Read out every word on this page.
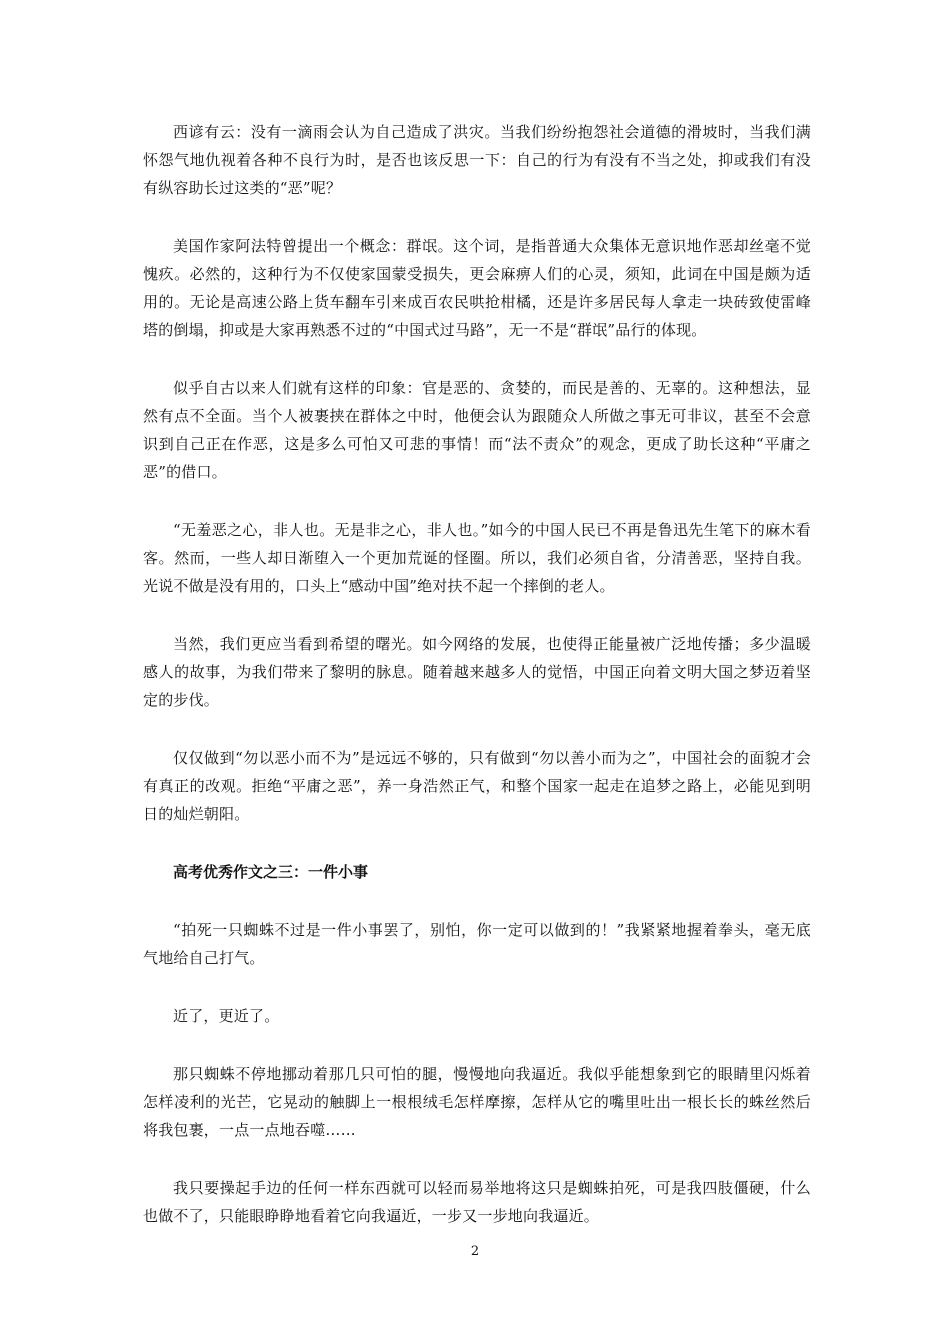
西谚有云：没有一滴雨会认为自己造成了洪灾。当我们纷纷抱怨社会道德的滑坡时，当我们满怀怨气地仇视着各种不良行为时，是否也该反思一下：自己的行为有没有不当之处，抑或我们有没有纵容助长过这类的“恶”呢？

美国作家阿法特曾提出一个概念：群氓。这个词，是指普通大众集体无意识地作恶却丝毫不觉愧疚。必然的，这种行为不仅使家国蒙受损失，更会麻痹人们的心灵，须知，此词在中国是颇为适用的。无论是高速公路上货车翻车引来成百农民哄抢柑橘，还是许多居民每人拿走一块砖致使雷峰塔的倒塌，抑或是大家再熟悉不过的“中国式过马路”，无一不是“群氓”品行的体现。

似乎自古以来人们就有这样的印象：官是恶的、贪婪的，而民是善的、无辜的。这种想法，显然有点不全面。当个人被裹挟在群体之中时，他便会认为跟随众人所做之事无可非议，甚至不会意识到自己正在作恶，这是多么可怕又可悲的事情！而“法不责众”的观念，更成了助长这种“平庸之恶”的借口。

“无羞恶之心，非人也。无是非之心，非人也。”如今的中国人民已不再是鲁迅先生笔下的麻木看客。然而，一些人却日渐堕入一个更加荒诞的怪圈。所以，我们必须自省，分清善恶，坚持自我。光说不做是没有用的，口头上“感动中国”绝对扶不起一个摔倒的老人。

当然，我们更应当看到希望的曙光。如今网络的发展，也使得正能量被广泛地传播；多少温暖感人的故事，为我们带来了黎明的脉息。随着越来越多人的觉悟，中国正向着文明大国之梦迈着坚定的步伐。

仅仅做到“勿以恶小而不为”是远远不够的，只有做到“勿以善小而为之”，中国社会的面貌才会有真正的改观。拒绝“平庸之恶”，养一身浩然正气，和整个国家一起走在追梦之路上，必能见到明日的灿烂朝阳。

高考优秀作文之三：一件小事

“拍死一只蜘蛛不过是一件小事罢了，别怕，你一定可以做到的！”我紧紧地握着拳头，毫无底气地给自己打气。

近了，更近了。

那只蜘蛛不停地挪动着那几只可怕的腿，慢慢地向我逼近。我似乎能想象到它的眼睛里闪烁着怎样凌利的光芒，它晃动的触脚上一根根绒毛怎样摩擦，怎样从它的嘴里吐出一根长长的蛛丝然后将我包裹，一点一点地吞噬……

我只要操起手边的任何一样东西就可以轻而易举地将这只是蜘蛛拍死，可是我四肢僵硬，什么也做不了，只能眼睁睁地看着它向我逼近，一步又一步地向我逼近。

2
